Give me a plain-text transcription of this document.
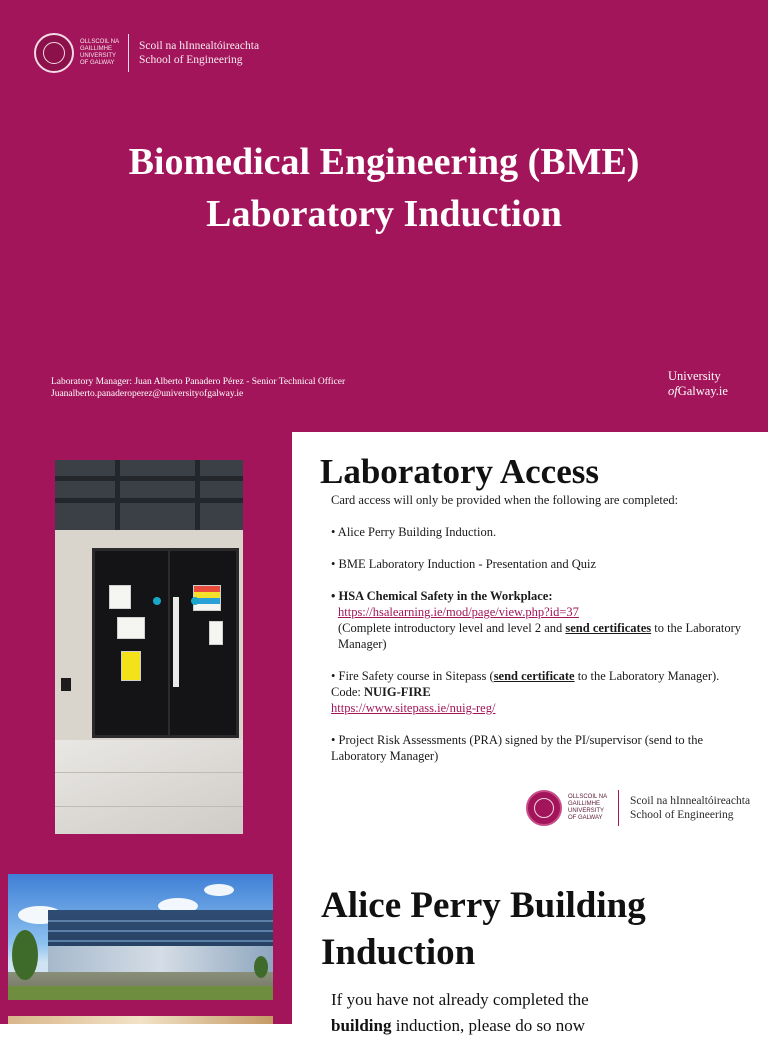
OLLSCOIL NA
GAILLIMHE
UNIVERSITY
OF GALWAY
Scoil na hInnealtóireachta
School of Engineering
Biomedical Engineering (BME)
Laboratory Induction
Laboratory Manager: Juan Alberto Panadero Pérez - Senior Technical Officer
Juanalberto.panaderoperez@universityofgalway.ie
University
ofGalway.ie
Laboratory Access

Card access will only be provided when the following are completed:

• Alice Perry Building Induction.

• BME Laboratory Induction - Presentation and Quiz

• HSA Chemical Safety in the Workplace:
https://hsalearning.ie/mod/page/view.php?id=37
(Complete introductory level and level 2 and send certificates to the Laboratory Manager)
• Fire Safety course in Sitepass (send certificate to the Laboratory Manager). Code: NUIG-FIRE
https://www.sitepass.ie/nuig-reg/

• Project Risk Assessments (PRA) signed by the PI/supervisor (send to the Laboratory Manager)

OLLSCOIL NA
GAILLIMHE
UNIVERSITY
OF GALWAY
Scoil na hInnealtóireachta
School of Engineering
Alice Perry Building
Induction
If you have not already completed the
building induction, please do so now
